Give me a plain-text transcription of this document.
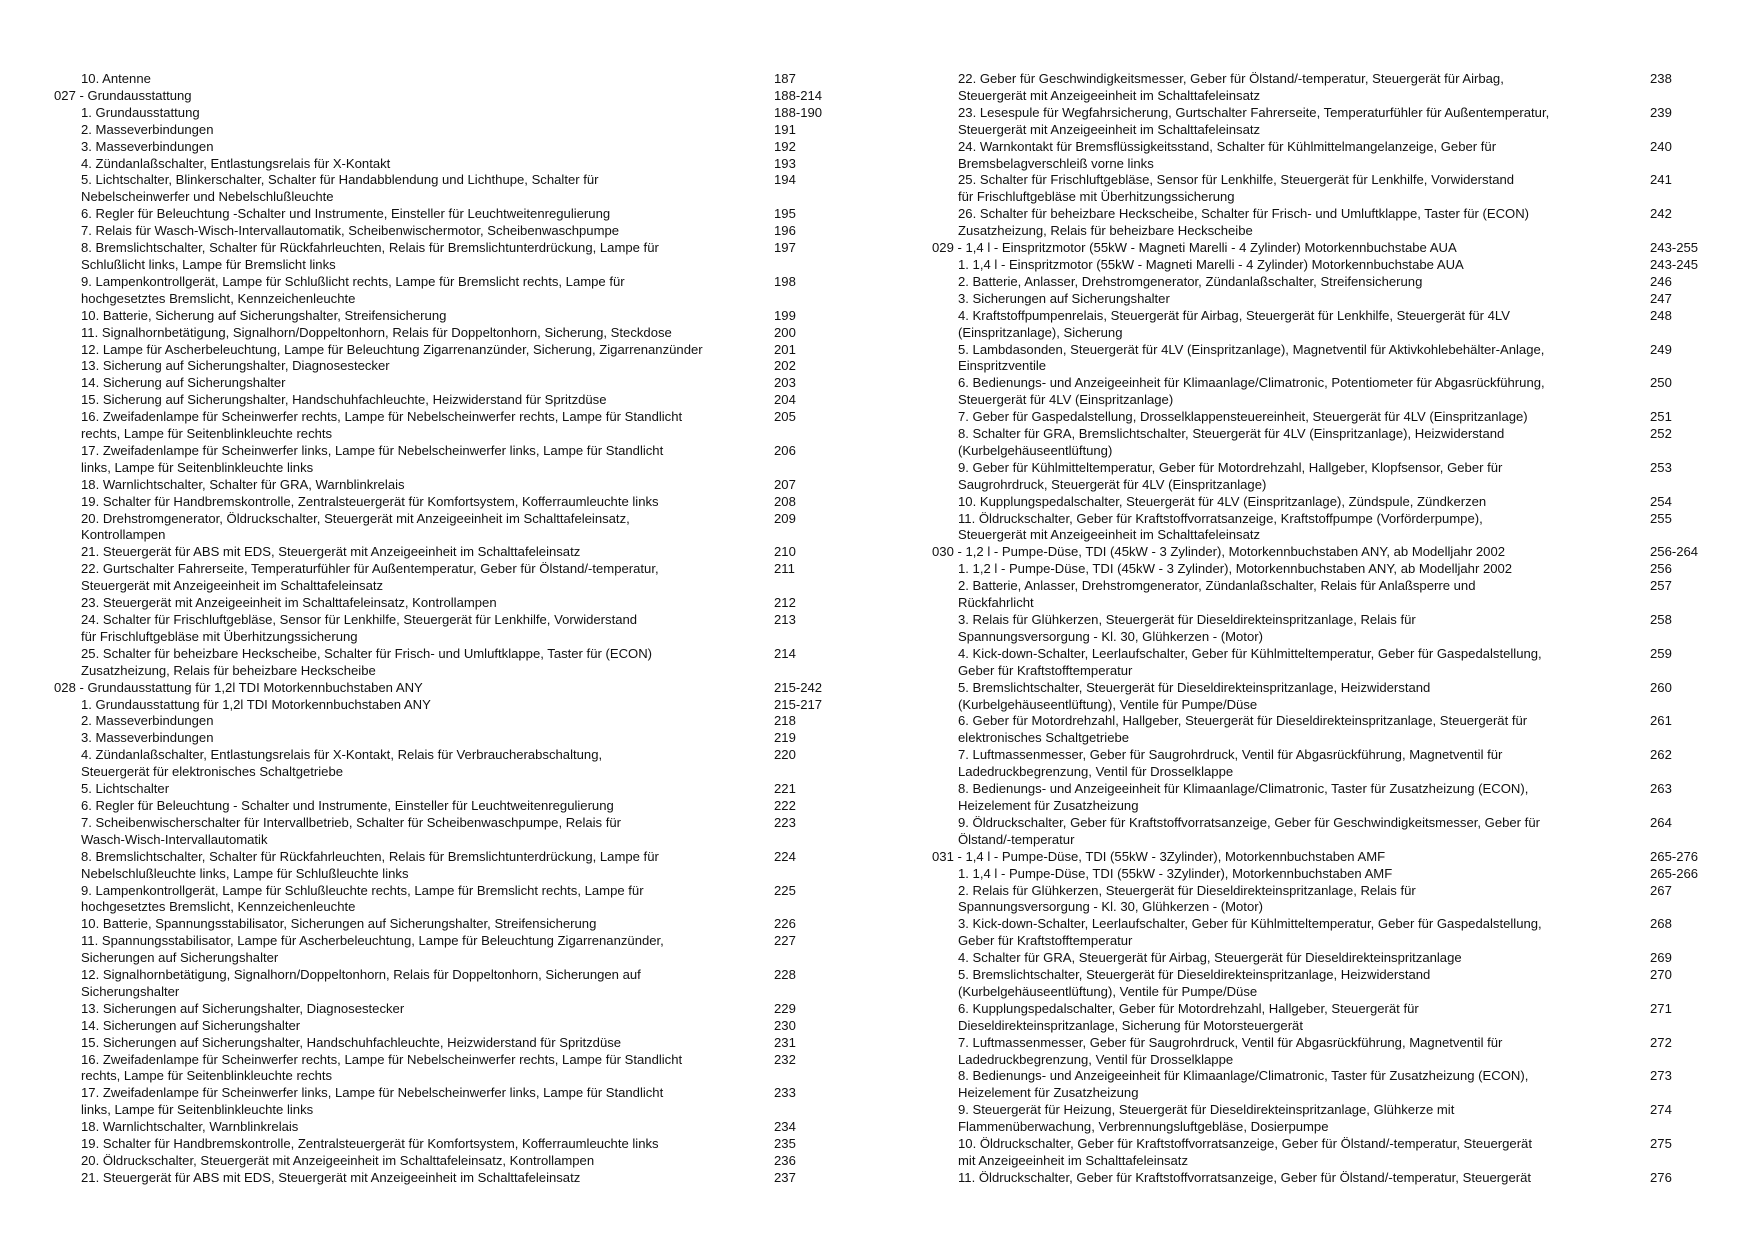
10. Antenne	187
027 - Grundausstattung	188-214
1. Grundausstattung	188-190
2. Masseverbindungen	191
3. Masseverbindungen	192
4. Zündanlaßschalter, Entlastungsrelais für X-Kontakt	193
5. Lichtschalter, Blinkerschalter, Schalter für Handabblendung und Lichthupe, Schalter für
Nebelscheinwerfer und Nebelschlußleuchte
194
6. Regler für Beleuchtung -Schalter und Instrumente, Einsteller für Leuchtweitenregulierung	195
7. Relais für Wasch-Wisch-Intervallautomatik, Scheibenwischermotor, Scheibenwaschpumpe	196
8. Bremslichtschalter, Schalter für Rückfahrleuchten, Relais für Bremslichtunterdrückung, Lampe für
Schlußlicht links, Lampe für Bremslicht links
197
9. Lampenkontrollgerät, Lampe für Schlußlicht rechts, Lampe für Bremslicht rechts, Lampe für
hochgesetztes Bremslicht, Kennzeichenleuchte
198
10. Batterie, Sicherung auf Sicherungshalter, Streifensicherung	199
11. Signalhornbetätigung, Signalhorn/Doppeltonhorn, Relais für Doppeltonhorn, Sicherung, Steckdose	200
12. Lampe für Ascherbeleuchtung, Lampe für Beleuchtung Zigarrenanzünder, Sicherung, Zigarrenanzünder	201
13. Sicherung auf Sicherungshalter, Diagnosestecker	202
14. Sicherung auf Sicherungshalter	203
15. Sicherung auf Sicherungshalter, Handschuhfachleuchte, Heizwiderstand für Spritzdüse	204
16. Zweifadenlampe für Scheinwerfer rechts, Lampe für Nebelscheinwerfer rechts, Lampe für Standlicht
rechts, Lampe für Seitenblinkleuchte rechts
205
17. Zweifadenlampe für Scheinwerfer links, Lampe für Nebelscheinwerfer links, Lampe für Standlicht
links, Lampe für Seitenblinkleuchte links
206
18. Warnlichtschalter, Schalter für GRA, Warnblinkrelais	207
19. Schalter für Handbremskontrolle, Zentralsteuergerät für Komfortsystem, Kofferraumleuchte links	208
20. Drehstromgenerator, Öldruckschalter, Steuergerät mit Anzeigeeinheit im Schalttafeleinsatz,
Kontrollampen
209
21. Steuergerät für ABS mit EDS, Steuergerät mit Anzeigeeinheit im Schalttafeleinsatz	210
22. Gurtschalter Fahrerseite, Temperaturfühler für Außentemperatur, Geber für Ölstand/-temperatur,
Steuergerät mit Anzeigeeinheit im Schalttafeleinsatz
211
23. Steuergerät mit Anzeigeeinheit im Schalttafeleinsatz, Kontrollampen	212
24. Schalter für Frischluftgebläse, Sensor für Lenkhilfe, Steuergerät für Lenkhilfe, Vorwiderstand
für Frischluftgebläse mit Überhitzungssicherung
213
25. Schalter für beheizbare Heckscheibe, Schalter für Frisch- und Umluftklappe, Taster für (ECON)
Zusatzheizung, Relais für beheizbare Heckscheibe
214
028 - Grundausstattung für 1,2l TDI Motorkennbuchstaben ANY	215-242
1. Grundausstattung für 1,2l TDI Motorkennbuchstaben ANY	215-217
2. Masseverbindungen	218
3. Masseverbindungen	219
4. Zündanlaßschalter, Entlastungsrelais für X-Kontakt, Relais für Verbraucherabschaltung,
Steuergerät für elektronisches Schaltgetriebe
220
5. Lichtschalter	221
6. Regler für Beleuchtung - Schalter und Instrumente, Einsteller für Leuchtweitenregulierung	222
7. Scheibenwischerschalter für Intervallbetrieb, Schalter für Scheibenwaschpumpe, Relais für
Wasch-Wisch-Intervallautomatik
223
8. Bremslichtschalter, Schalter für Rückfahrleuchten, Relais für Bremslichtunterdrückung, Lampe für
Nebelschlußleuchte links, Lampe für Schlußleuchte links
224
9. Lampenkontrollgerät, Lampe für Schlußleuchte rechts, Lampe für Bremslicht rechts, Lampe für
hochgesetztes Bremslicht, Kennzeichenleuchte
225
10. Batterie, Spannungsstabilisator, Sicherungen auf Sicherungshalter, Streifensicherung	226
11. Spannungsstabilisator, Lampe für Ascherbeleuchtung, Lampe für Beleuchtung Zigarrenanzünder,
Sicherungen auf Sicherungshalter
227
12. Signalhornbetätigung, Signalhorn/Doppeltonhorn, Relais für Doppeltonhorn, Sicherungen auf
Sicherungshalter
228
13. Sicherungen auf Sicherungshalter, Diagnosestecker	229
14. Sicherungen auf Sicherungshalter	230
15. Sicherungen auf Sicherungshalter, Handschuhfachleuchte, Heizwiderstand für Spritzdüse	231
16. Zweifadenlampe für Scheinwerfer rechts, Lampe für Nebelscheinwerfer rechts, Lampe für Standlicht
rechts, Lampe für Seitenblinkleuchte rechts
232
17. Zweifadenlampe für Scheinwerfer links, Lampe für Nebelscheinwerfer links, Lampe für Standlicht
links, Lampe für Seitenblinkleuchte links
233
18. Warnlichtschalter, Warnblinkrelais	234
19. Schalter für Handbremskontrolle, Zentralsteuergerät für Komfortsystem, Kofferraumleuchte links	235
20. Öldruckschalter, Steuergerät mit Anzeigeeinheit im Schalttafeleinsatz, Kontrollampen	236
21. Steuergerät für ABS mit EDS, Steuergerät mit Anzeigeeinheit im Schalttafeleinsatz	237
22. Geber für Geschwindigkeitsmesser, Geber für Ölstand/-temperatur, Steuergerät für Airbag,
Steuergerät mit Anzeigeeinheit im Schalttafeleinsatz
238
23. Lesespule für Wegfahrsicherung, Gurtschalter Fahrerseite, Temperaturfühler für Außentemperatur,
Steuergerät mit Anzeigeeinheit im Schalttafeleinsatz
239
24. Warnkontakt für Bremsflüssigkeitsstand, Schalter für Kühlmittelmangelanzeige, Geber für
Bremsbelagverschleiß vorne links
240
25. Schalter für Frischluftgebläse, Sensor für Lenkhilfe, Steuergerät für Lenkhilfe, Vorwiderstand
für Frischluftgebläse mit Überhitzungssicherung
241
26. Schalter für beheizbare Heckscheibe, Schalter für Frisch- und Umluftklappe, Taster für (ECON)
Zusatzheizung, Relais für beheizbare Heckscheibe
242
029 - 1,4 l - Einspritzmotor (55kW - Magneti Marelli - 4 Zylinder) Motorkennbuchstabe AUA	243-255
1. 1,4 l - Einspritzmotor (55kW - Magneti Marelli - 4 Zylinder) Motorkennbuchstabe AUA	243-245
2. Batterie, Anlasser, Drehstromgenerator, Zündanlaßschalter, Streifensicherung	246
3. Sicherungen auf Sicherungshalter	247
4. Kraftstoffpumpenrelais, Steuergerät für Airbag, Steuergerät für Lenkhilfe, Steuergerät für 4LV
(Einspritzanlage), Sicherung
248
5. Lambdasonden, Steuergerät für 4LV (Einspritzanlage), Magnetventil für Aktivkohlebehälter-Anlage,
Einspritzventile
249
6. Bedienungs- und Anzeigeeinheit für Klimaanlage/Climatronic, Potentiometer für Abgasrückführung,
Steuergerät für 4LV (Einspritzanlage)
250
7. Geber für Gaspedalstellung, Drosselklappensteuereinheit, Steuergerät für 4LV (Einspritzanlage)	251
8. Schalter für GRA, Bremslichtschalter, Steuergerät für 4LV (Einspritzanlage), Heizwiderstand
(Kurbelgehäuseentlüftung)
252
9. Geber für Kühlmitteltemperatur, Geber für Motordrehzahl, Hallgeber, Klopfsensor, Geber für
Saugrohrdruck, Steuergerät für 4LV (Einspritzanlage)
253
10. Kupplungspedalschalter, Steuergerät für 4LV (Einspritzanlage), Zündspule, Zündkerzen	254
11. Öldruckschalter, Geber für Kraftstoffvorratsanzeige, Kraftstoffpumpe (Vorförderpumpe),
Steuergerät mit Anzeigeeinheit im Schalttafeleinsatz
255
030 - 1,2 l - Pumpe-Düse, TDI (45kW - 3 Zylinder), Motorkennbuchstaben ANY, ab Modelljahr 2002	256-264
1. 1,2 l - Pumpe-Düse, TDI (45kW - 3 Zylinder), Motorkennbuchstaben ANY, ab Modelljahr 2002	256
2. Batterie, Anlasser, Drehstromgenerator, Zündanlaßschalter, Relais für Anlaßsperre und
Rückfahrlicht
257
3. Relais für Glühkerzen, Steuergerät für Dieseldirekteinspritzanlage, Relais für
Spannungsversorgung - Kl. 30, Glühkerzen - (Motor)
258
4. Kick-down-Schalter, Leerlaufschalter, Geber für Kühlmitteltemperatur, Geber für Gaspedalstellung,
Geber für Kraftstofftemperatur
259
5. Bremslichtschalter, Steuergerät für Dieseldirekteinspritzanlage, Heizwiderstand
(Kurbelgehäuseentlüftung), Ventile für Pumpe/Düse
260
6. Geber für Motordrehzahl, Hallgeber, Steuergerät für Dieseldirekteinspritzanlage, Steuergerät für
elektronisches Schaltgetriebe
261
7. Luftmassenmesser, Geber für Saugrohrdruck, Ventil für Abgasrückführung, Magnetventil für
Ladedruckbegrenzung, Ventil für Drosselklappe
262
8. Bedienungs- und Anzeigeeinheit für Klimaanlage/Climatronic, Taster für Zusatzheizung (ECON),
Heizelement für Zusatzheizung
263
9. Öldruckschalter, Geber für Kraftstoffvorratsanzeige, Geber für Geschwindigkeitsmesser, Geber für
Ölstand/-temperatur
264
031 - 1,4 l - Pumpe-Düse, TDI (55kW - 3Zylinder), Motorkennbuchstaben AMF	265-276
1. 1,4 l - Pumpe-Düse, TDI (55kW - 3Zylinder), Motorkennbuchstaben AMF	265-266
2. Relais für Glühkerzen, Steuergerät für Dieseldirekteinspritzanlage, Relais für
Spannungsversorgung - Kl. 30, Glühkerzen - (Motor)
267
3. Kick-down-Schalter, Leerlaufschalter, Geber für Kühlmitteltemperatur, Geber für Gaspedalstellung,
Geber für Kraftstofftemperatur
268
4. Schalter für GRA, Steuergerät für Airbag, Steuergerät für Dieseldirekteinspritzanlage	269
5. Bremslichtschalter, Steuergerät für Dieseldirekteinspritzanlage, Heizwiderstand
(Kurbelgehäuseentlüftung), Ventile für Pumpe/Düse
270
6. Kupplungspedalschalter, Geber für Motordrehzahl, Hallgeber, Steuergerät für
Dieseldirekteinspritzanlage, Sicherung für Motorsteuergerät
271
7. Luftmassenmesser, Geber für Saugrohrdruck, Ventil für Abgasrückführung, Magnetventil für
Ladedruckbegrenzung, Ventil für Drosselklappe
272
8. Bedienungs- und Anzeigeeinheit für Klimaanlage/Climatronic, Taster für Zusatzheizung (ECON),
Heizelement für Zusatzheizung
273
9. Steuergerät für Heizung, Steuergerät für Dieseldirekteinspritzanlage, Glühkerze mit
Flammenüberwachung, Verbrennungsluftgebläse, Dosierpumpe
274
10. Öldruckschalter, Geber für Kraftstoffvorratsanzeige, Geber für Ölstand/-temperatur, Steuergerät
mit Anzeigeeinheit im Schalttafeleinsatz
275
11. Öldruckschalter, Geber für Kraftstoffvorratsanzeige, Geber für Ölstand/-temperatur, Steuergerät	276
